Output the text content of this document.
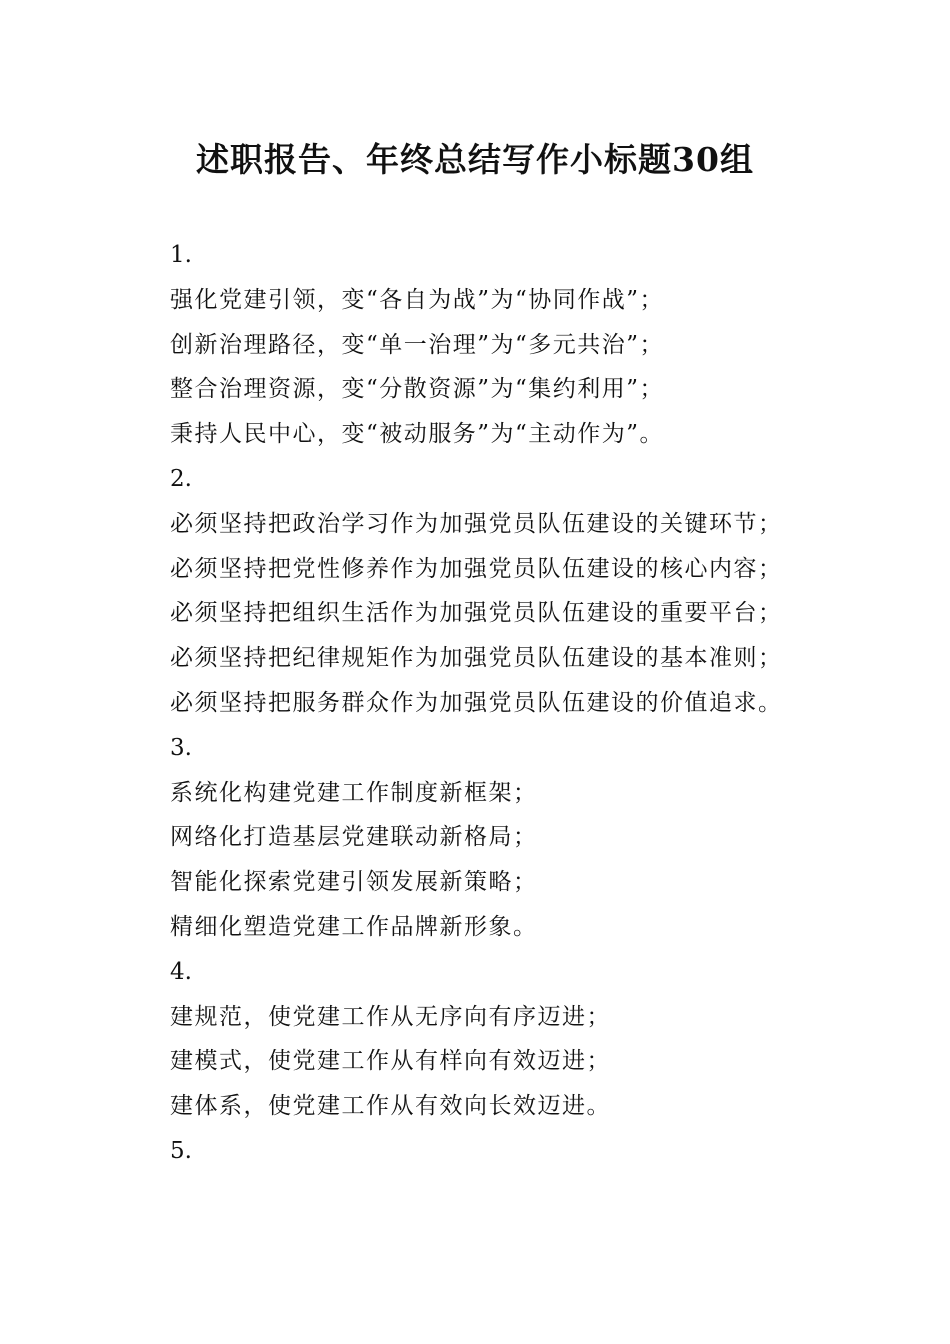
述职报告、年终总结写作小标题30组
1.
强化党建引领，变“各自为战”为“协同作战”；
创新治理路径，变“单一治理”为“多元共治”；
整合治理资源，变“分散资源”为“集约利用”；
秉持人民中心，变“被动服务”为“主动作为”。
2.
必须坚持把政治学习作为加强党员队伍建设的关键环节；
必须坚持把党性修养作为加强党员队伍建设的核心内容；
必须坚持把组织生活作为加强党员队伍建设的重要平台；
必须坚持把纪律规矩作为加强党员队伍建设的基本准则；
必须坚持把服务群众作为加强党员队伍建设的价值追求。
3.
系统化构建党建工作制度新框架；
网络化打造基层党建联动新格局；
智能化探索党建引领发展新策略；
精细化塑造党建工作品牌新形象。
4.
建规范，使党建工作从无序向有序迈进；
建模式，使党建工作从有样向有效迈进；
建体系，使党建工作从有效向长效迈进。
5.
